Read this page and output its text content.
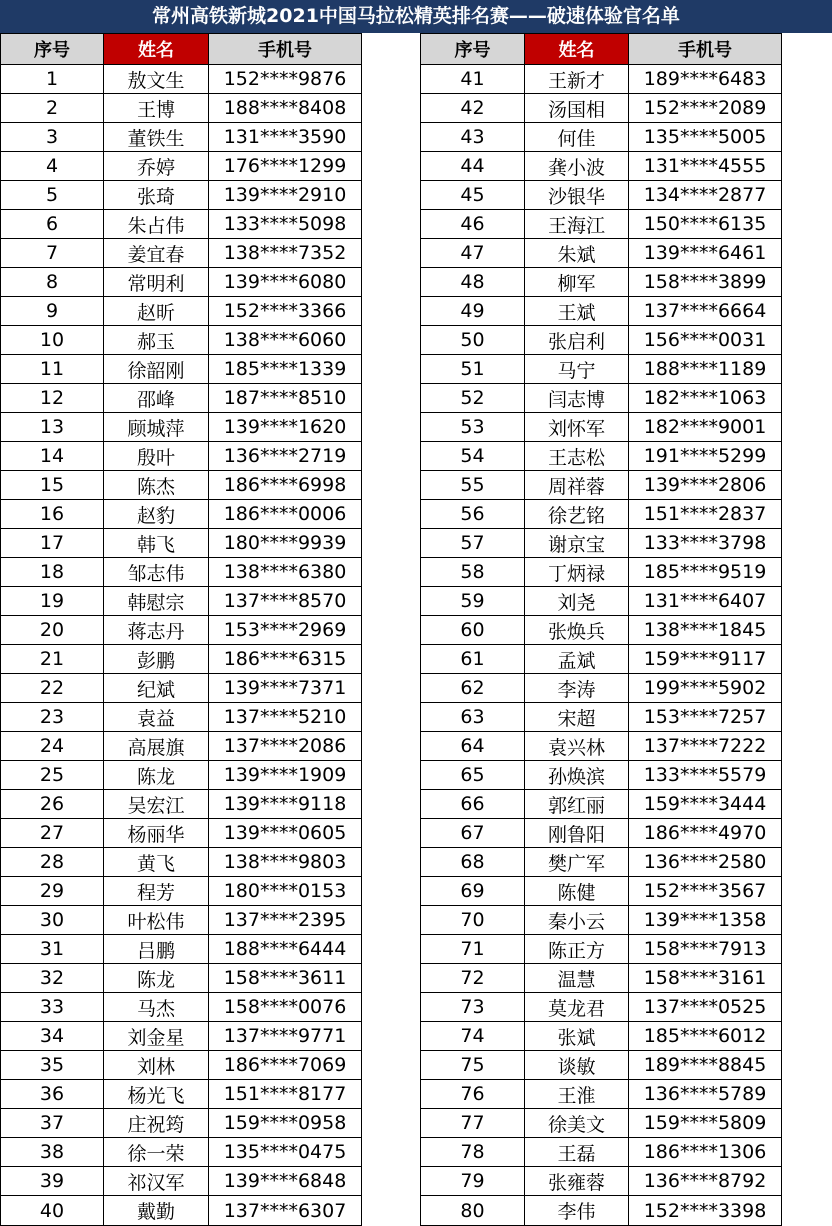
常州高铁新城2021中国马拉松精英排名赛——破速体验官名单
序号	姓名	手机号
1	敖文生	152****9876
2	王博	188****8408
3	董铁生	131****3590
4	乔婷	176****1299
5	张琦	139****2910
6	朱占伟	133****5098
7	姜宜春	138****7352
8	常明利	139****6080
9	赵昕	152****3366
10	郝玉	138****6060
11	徐韶刚	185****1339
12	邵峰	187****8510
13	顾城萍	139****1620
14	殷叶	136****2719
15	陈杰	186****6998
16	赵豹	186****0006
17	韩飞	180****9939
18	邹志伟	138****6380
19	韩慰宗	137****8570
20	蒋志丹	153****2969
21	彭鹏	186****6315
22	纪斌	139****7371
23	袁益	137****5210
24	高展旗	137****2086
25	陈龙	139****1909
26	吴宏江	139****9118
27	杨丽华	139****0605
28	黄飞	138****9803
29	程芳	180****0153
30	叶松伟	137****2395
31	吕鹏	188****6444
32	陈龙	158****3611
33	马杰	158****0076
34	刘金星	137****9771
35	刘林	186****7069
36	杨光飞	151****8177
37	庄祝筠	159****0958
38	徐一荣	135****0475
39	祁汉军	139****6848
40	戴勤	137****6307
序号	姓名	手机号
41	王新才	189****6483
42	汤国相	152****2089
43	何佳	135****5005
44	龚小波	131****4555
45	沙银华	134****2877
46	王海江	150****6135
47	朱斌	139****6461
48	柳军	158****3899
49	王斌	137****6664
50	张启利	156****0031
51	马宁	188****1189
52	闫志博	182****1063
53	刘怀军	182****9001
54	王志松	191****5299
55	周祥蓉	139****2806
56	徐艺铭	151****2837
57	谢京宝	133****3798
58	丁炳禄	185****9519
59	刘尧	131****6407
60	张焕兵	138****1845
61	孟斌	159****9117
62	李涛	199****5902
63	宋超	153****7257
64	袁兴林	137****7222
65	孙焕滨	133****5579
66	郭红丽	159****3444
67	刚鲁阳	186****4970
68	樊广军	136****2580
69	陈健	152****3567
70	秦小云	139****1358
71	陈正方	158****7913
72	温慧	158****3161
73	莫龙君	137****0525
74	张斌	185****6012
75	谈敏	189****8845
76	王淮	136****5789
77	徐美文	159****5809
78	王磊	186****1306
79	张雍蓉	136****8792
80	李伟	152****3398
